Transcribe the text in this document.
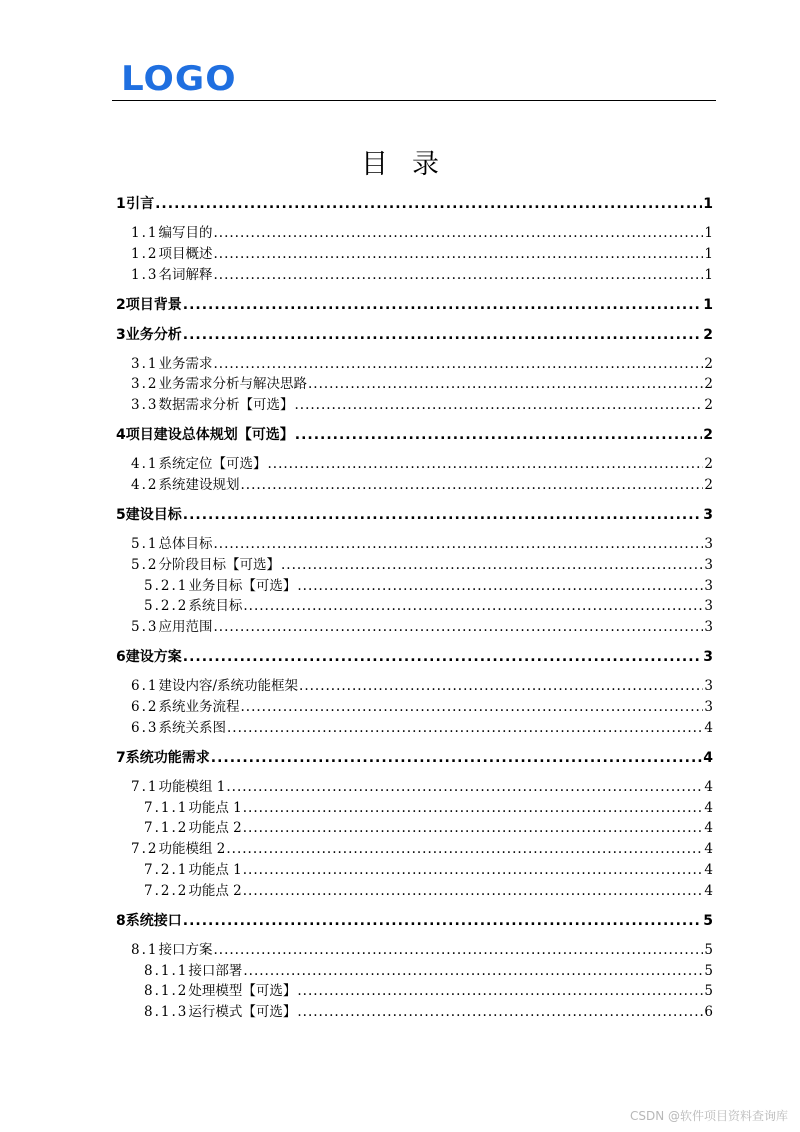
LOGO
目录
1 引言 .....	1
1.1 编写目的 .....	1
1.2 项目概述 .....	1
1.3 名词解释 .....	1
2 项目背景 .....	1
3 业务分析 .....	2
3.1 业务需求 .....	2
3.2 业务需求分析与解决思路 .....	2
3.3 数据需求分析【可选】 .....	2
4 项目建设总体规划【可选】 .....	2
4.1 系统定位【可选】 .....	2
4.2 系统建设规划 .....	2
5 建设目标 .....	3
5.1 总体目标 .....	3
5.2 分阶段目标【可选】 .....	3
5.2.1 业务目标【可选】 .....	3
5.2.2 系统目标 .....	3
5.3 应用范围 .....	3
6 建设方案 .....	3
6.1 建设内容/系统功能框架 .....	3
6.2 系统业务流程 .....	3
6.3 系统关系图 .....	4
7 系统功能需求 .....	4
7.1 功能模组 1 .....	4
7.1.1 功能点 1 .....	4
7.1.2 功能点 2 .....	4
7.2 功能模组 2 .....	4
7.2.1 功能点 1 .....	4
7.2.2 功能点 2 .....	4
8 系统接口 .....	5
8.1 接口方案 .....	5
8.1.1 接口部署 .....	5
8.1.2 处理模型【可选】 .....	5
8.1.3 运行模式【可选】 .....	6
CSDN @软件项目资料查询库
